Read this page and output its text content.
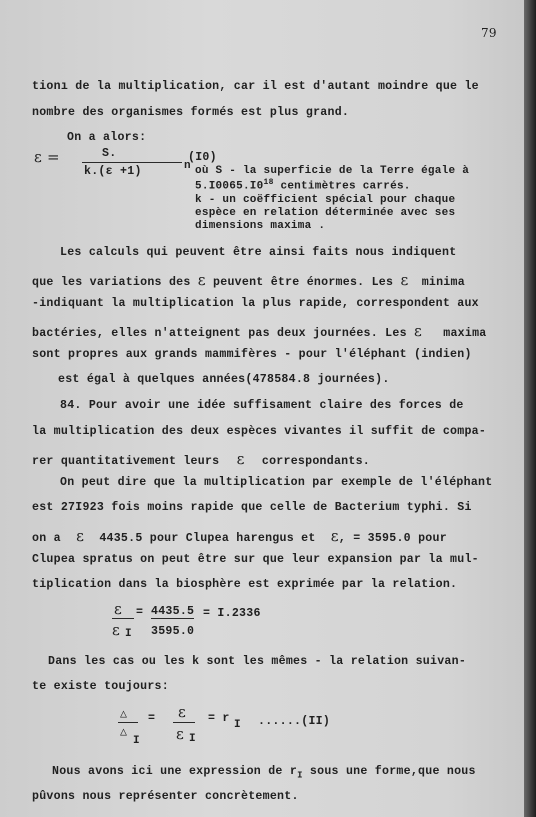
79
tionı de la multiplication, car il est d'autant moindre que le
nombre des organismes formés est plus grand.
On a alors:
ε =	S.
k.(ε +1)	n
(I0)
où S - la superficie de la Terre égale à
$5.I0065.I0^{18}$ centimètres carrés.
k - un coëfficient spécial pour chaque
espèce en relation déterminée avec ses
dimensions maxima .
Les calculs qui peuvent être ainsi faits nous indiquent
que les variations des ε peuvent être énormes. Les ε minima
-indiquant la multiplication la plus rapide, correspondent aux
bactéries, elles n'atteignent pas deux journées. Les ε maxima
sont propres aux grands mammifères - pour l'éléphant (indien)
est égal à quelques années(478584.8 journées).
84. Pour avoir une idée suffisament claire des forces de
la multiplication des deux espèces vivantes il suffit de compa-
rer quantitativement leurs ε correspondants.
On peut dire que la multiplication par exemple de l'éléphant
est 27I923 fois moins rapide que celle de Bacterium typhi. Si
on a ε 4435.5 pour Clupea harengus et ε, = 3595.0 pour
Clupea spratus on peut être sur que leur expansion par la mul-
tiplication dans la biosphère est exprimée par la relation.
ε
ε I
= 4435.5
3595.0
= I.2336
Dans les cas ou les k sont les mêmes - la relation suivan-
te existe toujours:
△
△
I
= ε
ε I
= r I ......(II)
Nous avons ici une expression de $r_I$ sous une forme,que nous
pûvons nous représenter concrètement.
